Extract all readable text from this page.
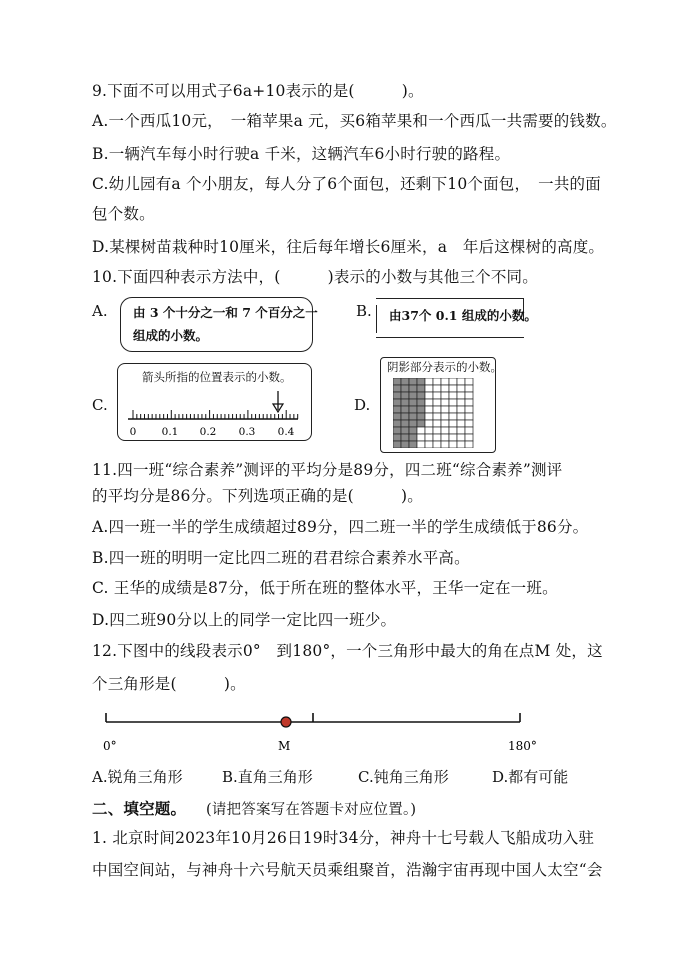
9.下面不可以用式子6a+10表示的是(　　　)。
A.一个西瓜10元，　一箱苹果a 元，买6箱苹果和一个西瓜一共需要的钱数。
B.一辆汽车每小时行驶a 千米，这辆汽车6小时行驶的路程。
C.幼儿园有a 个小朋友，每人分了6个面包，还剩下10个面包，　一共的面
包个数。
D.某棵树苗栽种时10厘米，往后每年增长6厘米，a　年后这棵树的高度。
10.下面四种表示方法中，(　　　)表示的小数与其他三个不同。
A. 由 3 个十分之一和 7 个百分之一
组成的小数。
B. 由37个 0.1 组成的小数。
C.
箭头所指的位置表示的小数。
0 0.1 0.2 0.3 0.4
D.
阴影部分表示的小数。
11.四一班“综合素养”测评的平均分是89分，四二班“综合素养”测评
的平均分是86分。下列选项正确的是(　　　)。
A.四一班一半的学生成绩超过89分，四二班一半的学生成绩低于86分。
B.四一班的明明一定比四二班的君君综合素养水平高。
C. 王华的成绩是87分，低于所在班的整体水平，王华一定在一班。
D.四二班90分以上的同学一定比四一班少。
12.下图中的线段表示0°　到180°，一个三角形中最大的角在点M 处，这
个三角形是(　　　)。
0°	M	180°
A.锐角三角形	B.直角三角形	C.钝角三角形	D.都有可能
二、填空题。 (请把答案写在答题卡对应位置。)
1. 北京时间2023年10月26日19时34分，神舟十七号载人飞船成功入驻
中国空间站，与神舟十六号航天员乘组聚首，浩瀚宇宙再现中国人太空“会
